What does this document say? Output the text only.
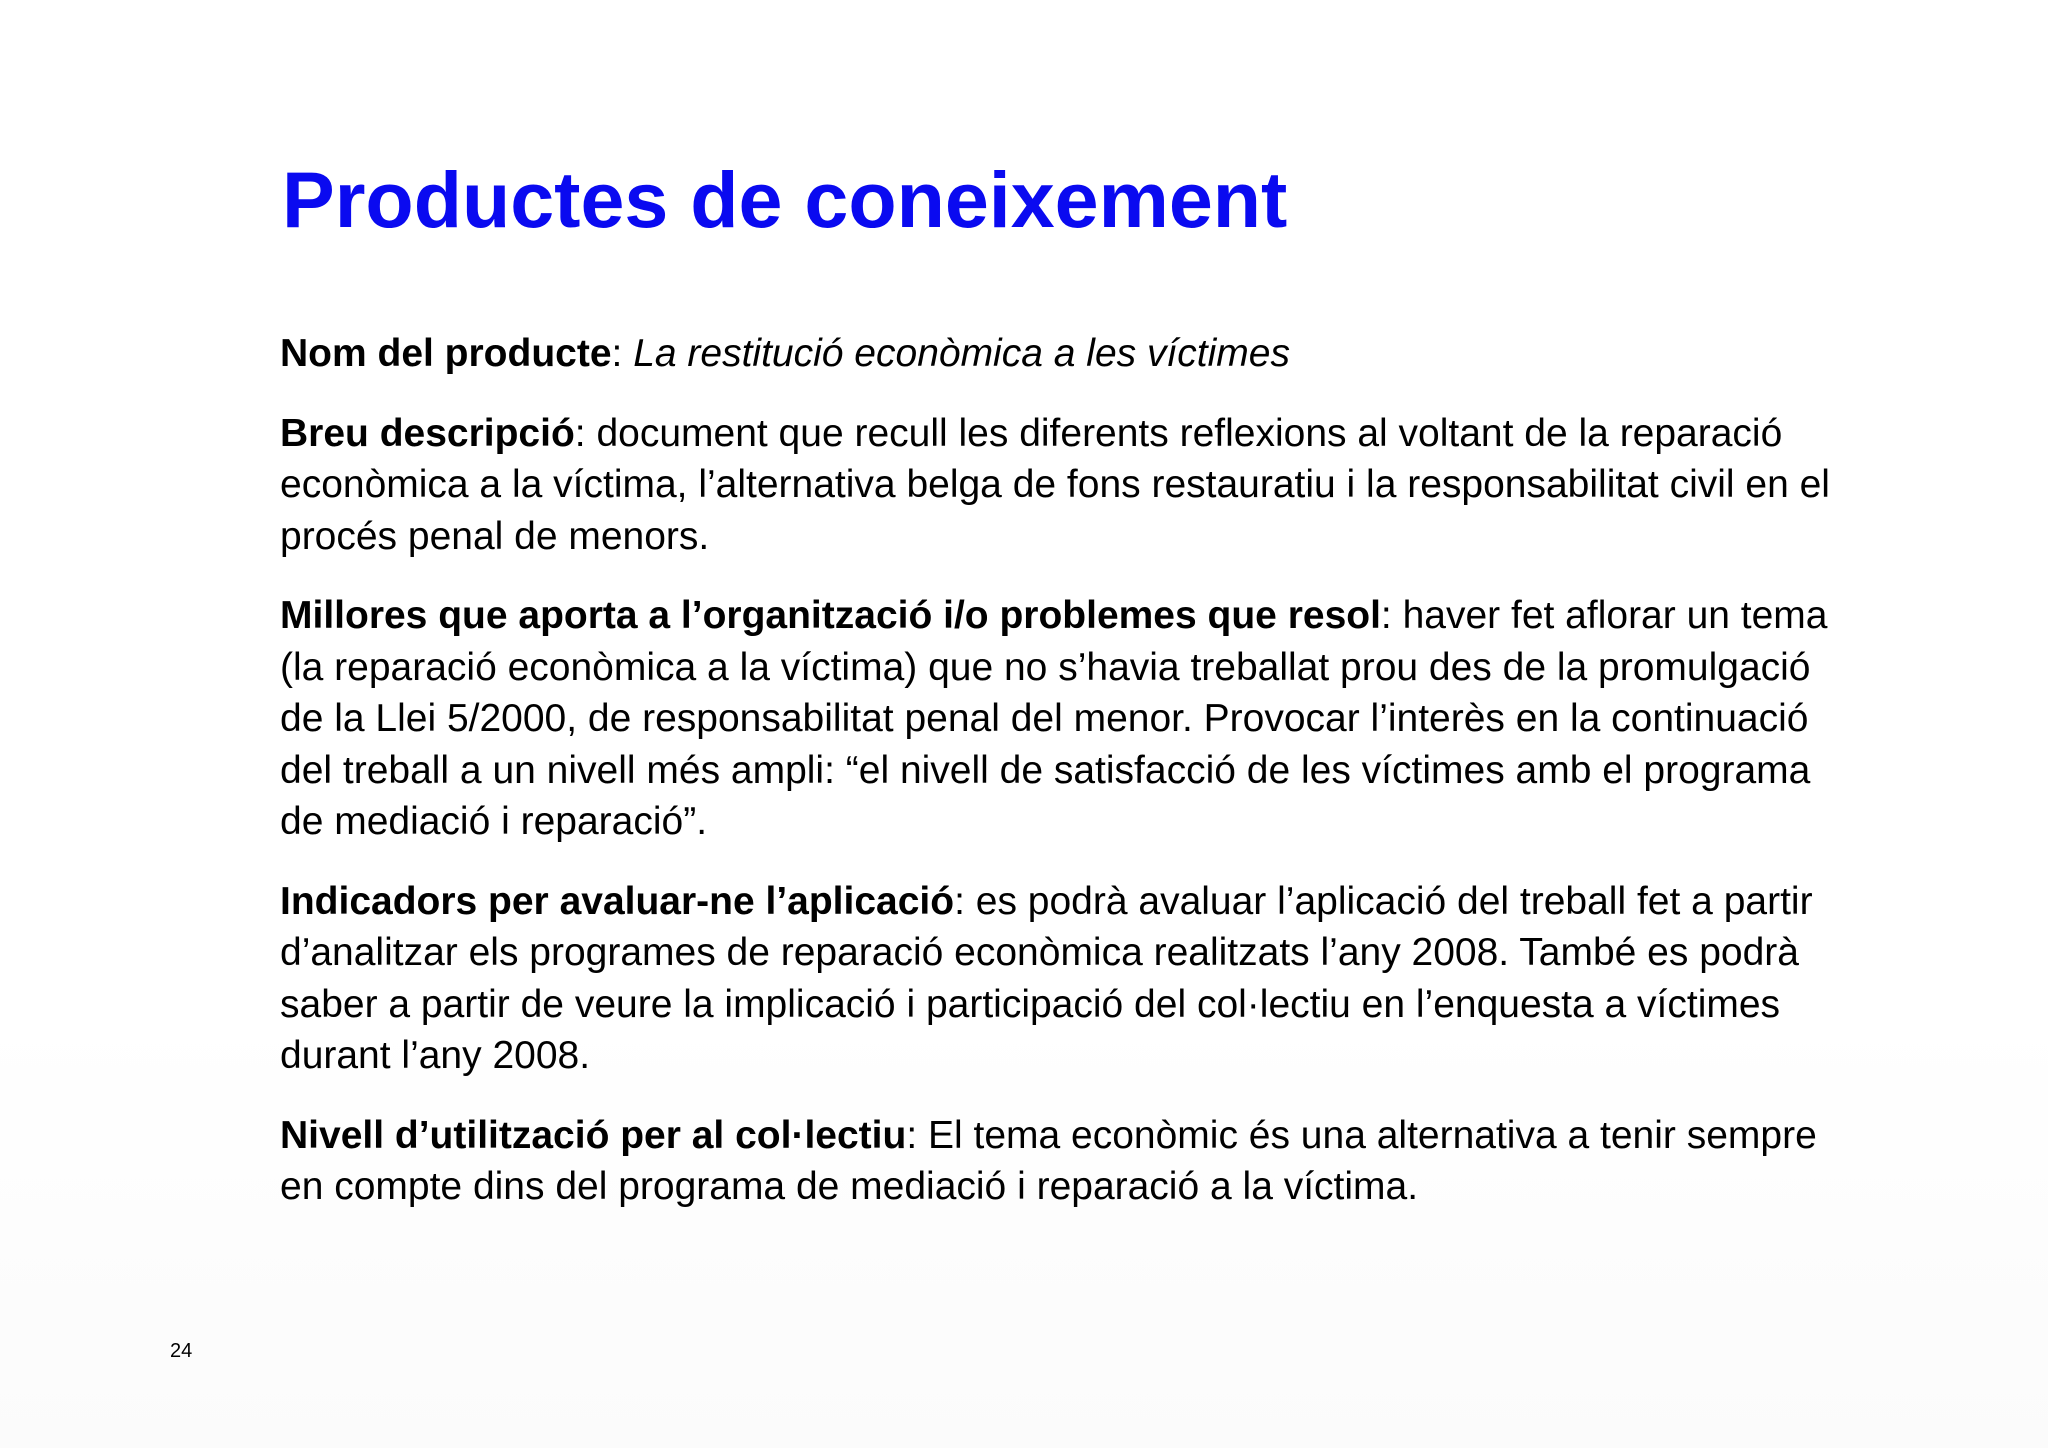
Productes de coneixement

Nom del producte: La restitució econòmica a les víctimes

Breu descripció: document que recull les diferents reflexions al voltant de la reparació econòmica a la víctima, l’alternativa belga de fons restauratiu i la responsabilitat civil en el procés penal de menors.

Millores que aporta a l’organització i/o problemes que resol: haver fet aflorar un tema (la reparació econòmica a la víctima) que no s’havia treballat prou des de la promulgació de la Llei 5/2000, de responsabilitat penal del menor. Provocar l’interès en la continuació del treball a un nivell més ampli: “el nivell de satisfacció de les víctimes amb el programa de mediació i reparació”.

Indicadors per avaluar-ne l’aplicació: es podrà avaluar l’aplicació del treball fet a partir d’analitzar els programes de reparació econòmica realitzats l’any 2008. També es podrà saber a partir de veure la implicació i participació del col·lectiu en l’enquesta a víctimes durant l’any 2008.

Nivell d’utilització per al col·lectiu: El tema econòmic és una alternativa a tenir sempre en compte dins del programa de mediació i reparació a la víctima.

24
